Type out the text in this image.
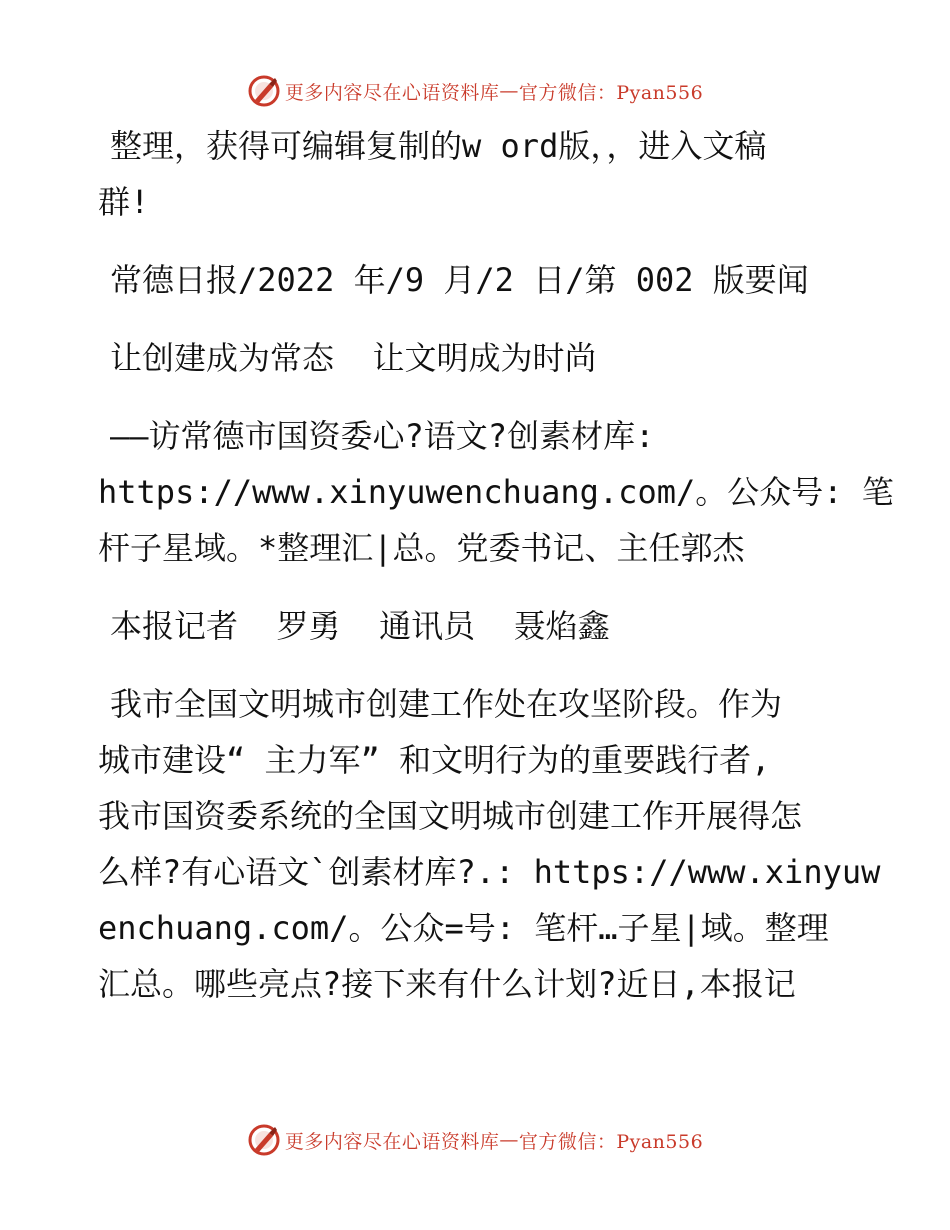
更多内容尽在心语资料库 — 官方微信：Pyan556

整理，获得可编辑复制的w ord版，，进入文稿
群!

常德日报/2022 年/9 月/2 日/第 002 版要闻

让创建成为常态  让文明成为时尚

——访常德市国资委心?语文?创素材库:
https://www.xinyuwenchuang.com/。公众号: 笔
杆子星域。*整理汇|总。党委书记、主任郭杰

本报记者  罗勇  通讯员  聂焰鑫

我市全国文明城市创建工作处在攻坚阶段。作为
城市建设“ 主力军” 和文明行为的重要践行者,
我市国资委系统的全国文明城市创建工作开展得怎
么样?有心语文`创素材库?.: https://www.xinyuw
enchuang.com/。公众=号: 笔杆…子星|域。整理
汇总。哪些亮点?接下来有什么计划?近日,本报记

更多内容尽在心语资料库 — 官方微信：Pyan556
